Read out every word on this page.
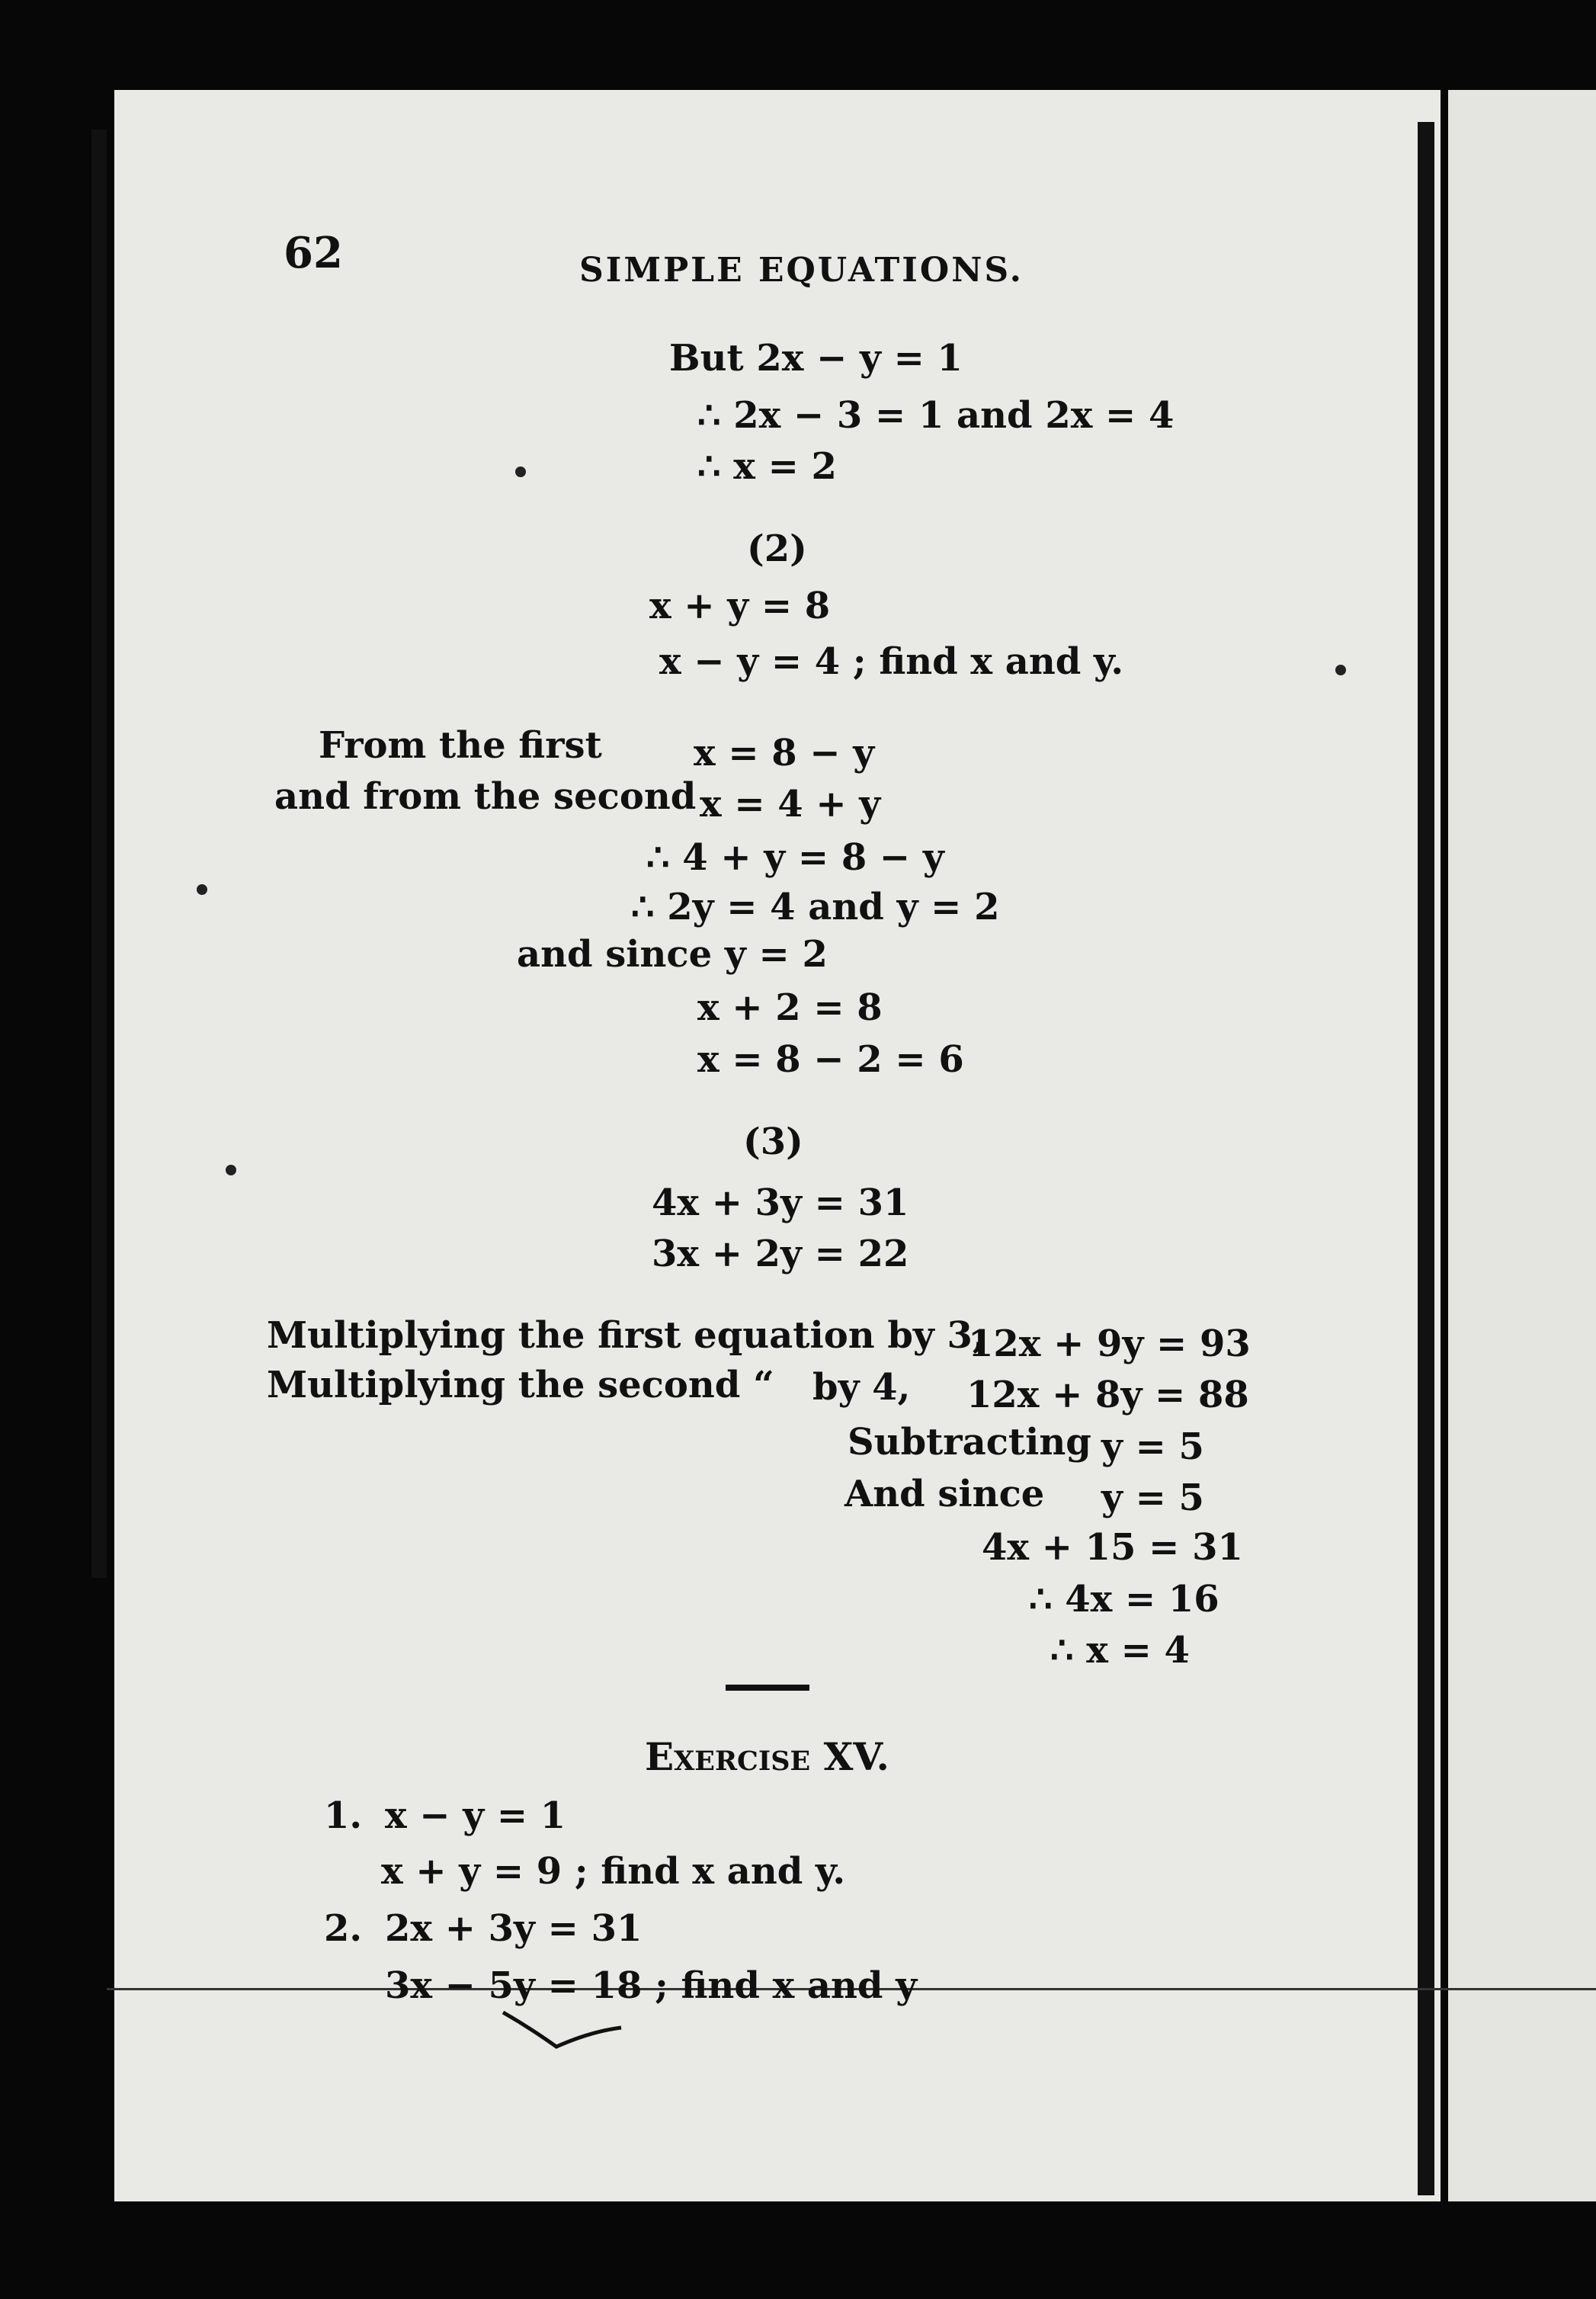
62	SIMPLE EQUATIONS.
But 2x − y = 1
∴ 2x − 3 = 1 and 2x = 4
∴ x = 2
(2)
x + y = 8
x − y = 4 ; find x and y.
From the first	x = 8 − y
and from the second x = 4 + y
∴ 4 + y = 8 − y
∴ 2y = 4 and y = 2
and since y = 2
x + 2 = 8
x = 8 − 2 = 6
(3)
4x + 3y = 31
3x + 2y = 22
Multiplying the first equation by 3,
12x + 9y = 93
Multiplying the second “ by 4, 12x + 8y = 88
Subtracting y = 5
And since y = 5
4x + 15 = 31
∴ 4x = 16
∴ x = 4
Exercise XV.
1. x − y = 1
x + y = 9 ; find x and y.
2. 2x + 3y = 31
3x − 5y = 18 ; find x and y
